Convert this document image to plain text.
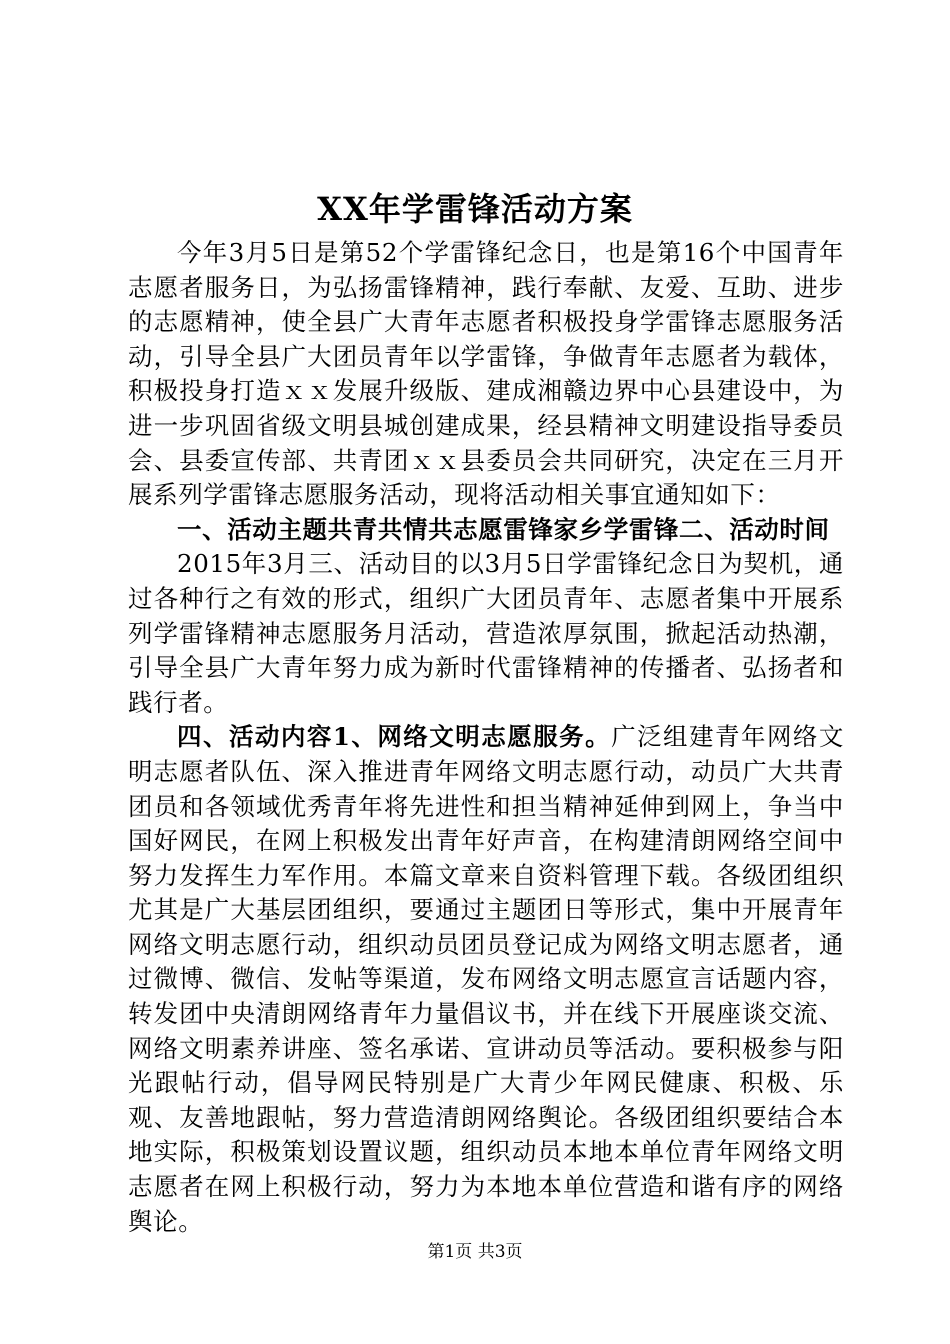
XX年学雷锋活动方案

今年3月5日是第52个学雷锋纪念日，也是第16个中国青年志愿者服务日，为弘扬雷锋精神，践行奉献、友爱、互助、进步的志愿精神，使全县广大青年志愿者积极投身学雷锋志愿服务活动，引导全县广大团员青年以学雷锋，争做青年志愿者为载体，积极投身打造ｘｘ发展升级版、建成湘赣边界中心县建设中，为进一步巩固省级文明县城创建成果，经县精神文明建设指导委员会、县委宣传部、共青团ｘｘ县委员会共同研究，决定在三月开展系列学雷锋志愿服务活动，现将活动相关事宜通知如下：

一、活动主题共青共情共志愿雷锋家乡学雷锋二、活动时间

2015年3月三、活动目的以3月5日学雷锋纪念日为契机，通过各种行之有效的形式，组织广大团员青年、志愿者集中开展系列学雷锋精神志愿服务月活动，营造浓厚氛围，掀起活动热潮，引导全县广大青年努力成为新时代雷锋精神的传播者、弘扬者和践行者。

四、活动内容1、网络文明志愿服务。广泛组建青年网络文明志愿者队伍、深入推进青年网络文明志愿行动，动员广大共青团员和各领域优秀青年将先进性和担当精神延伸到网上，争当中国好网民，在网上积极发出青年好声音，在构建清朗网络空间中努力发挥生力军作用。本篇文章来自资料管理下载。各级团组织尤其是广大基层团组织，要通过主题团日等形式，集中开展青年网络文明志愿行动，组织动员团员登记成为网络文明志愿者，通过微博、微信、发帖等渠道，发布网络文明志愿宣言话题内容，转发团中央清朗网络青年力量倡议书，并在线下开展座谈交流、网络文明素养讲座、签名承诺、宣讲动员等活动。要积极参与阳光跟帖行动，倡导网民特别是广大青少年网民健康、积极、乐观、友善地跟帖，努力营造清朗网络舆论。各级团组织要结合本地实际，积极策划设置议题，组织动员本地本单位青年网络文明志愿者在网上积极行动，努力为本地本单位营造和谐有序的网络舆论。

第1页 共3页
